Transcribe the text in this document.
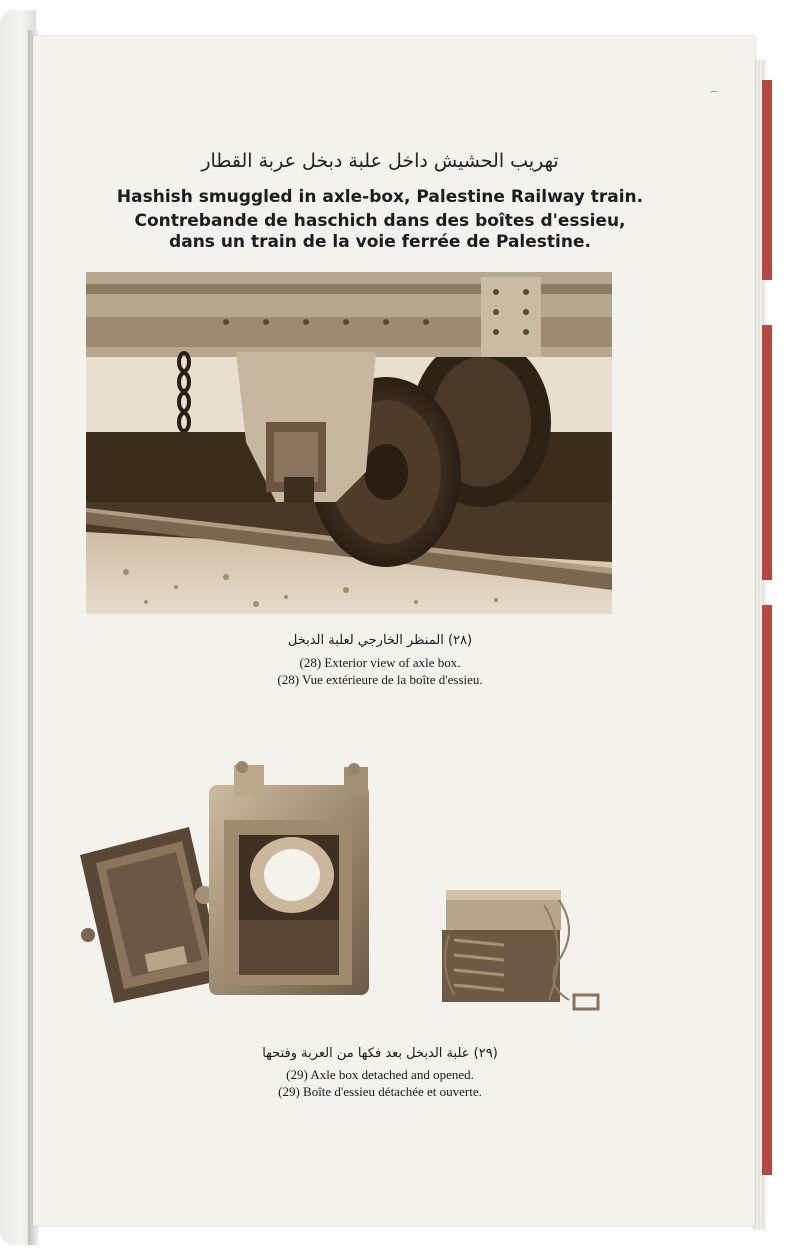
تهريب الحشيش داخل علبة دبخل عربة القطار
Hashish smuggled in axle-box, Palestine Railway train.
Contrebande de haschich dans des boîtes d'essieu,
dans un train de la voie ferrée de Palestine.
(٢٨) المنظر الخارجي لعلبة الدبخل
(28) Exterior view of axle box.
(28) Vue extérieure de la boîte d'essieu.
(٢٩) علبة الدبخل بعد فكها من العربة وفتحها
(29) Axle box detached and opened.
(29) Boîte d'essieu détachée et ouverte.
